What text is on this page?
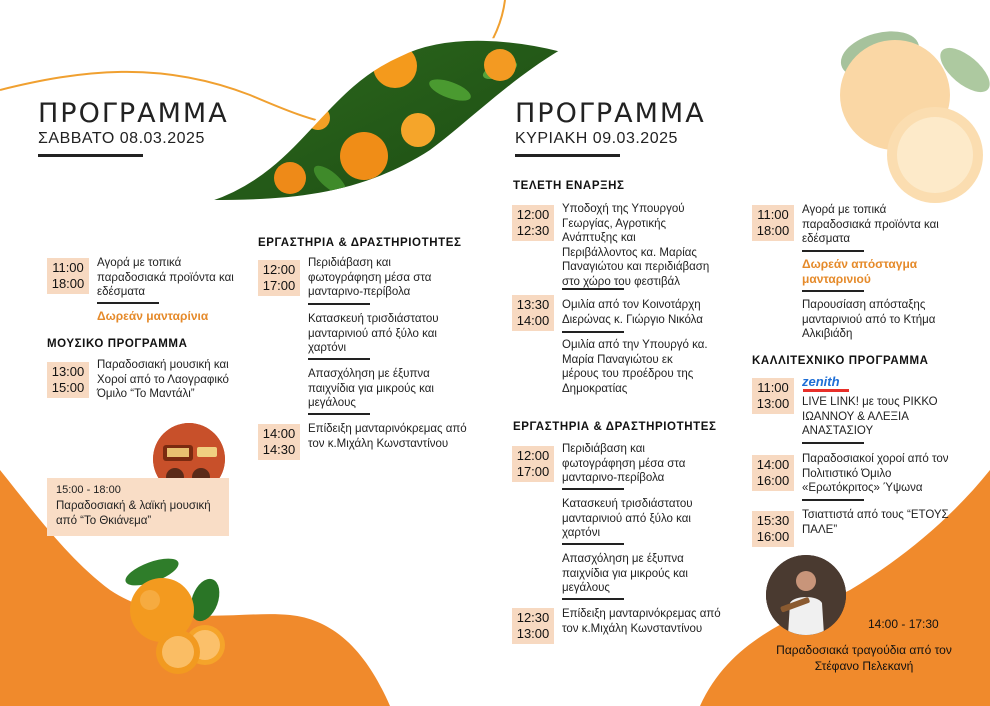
ΠΡΟΓΡΑΜΜΑ
ΣΑΒΒΑΤΟ 08.03.2025
11:00
18:00
Αγορά με τοπικά παραδοσιακά προϊόντα και εδέσματα
Δωρεάν μανταρίνια
ΜΟΥΣΙΚΟ ΠΡΟΓΡΑΜΜΑ
13:00
15:00
Παραδοσιακή μουσική και Χοροί από το Λαογραφικό Όμιλο “Το Μαντάλι”
15:00 - 18:00
Παραδοσιακή & λαϊκή μουσική από “Το Θκιάνεμα”
ΕΡΓΑΣΤΗΡΙΑ & ΔΡΑΣΤΗΡΙΟΤΗΤΕΣ
12:00
17:00
Περιδιάβαση και φωτογράφηση μέσα στα μανταρινο-περίβολα
Κατασκευή τρισδιάστατου μανταρινιού από ξύλο και χαρτόνι
Απασχόληση με έξυπνα παιχνίδια για μικρούς και μεγάλους
14:00
14:30
Επίδειξη μανταρινόκρεμας από τον κ.Μιχάλη Κωνσταντίνου
ΠΡΟΓΡΑΜΜΑ
ΚΥΡΙΑΚΗ 09.03.2025
ΤΕΛΕΤΗ ΕΝΑΡΞΗΣ
12:00
12:30
Υποδοχή της Υπουργού Γεωργίας, Αγροτικής Ανάπτυξης και Περιβάλλοντος κα. Μαρίας Παναγιώτου και περιδιάβαση στο χώρο του φεστιβάλ
13:30
14:00
Ομιλία από τον Κοινοτάρχη Διερώνας κ. Γιώργιο Νικόλα
Ομιλία από την Υπουργό κα. Μαρία Παναγιώτου εκ μέρους του προέδρου της Δημοκρατίας
ΕΡΓΑΣΤΗΡΙΑ & ΔΡΑΣΤΗΡΙΟΤΗΤΕΣ
12:00
17:00
Περιδιάβαση και φωτογράφηση μέσα στα μανταρινο-περίβολα
Κατασκευή τρισδιάστατου μανταρινιού από ξύλο και χαρτόνι
Απασχόληση με έξυπνα παιχνίδια για μικρούς και μεγάλους
12:30
13:00
Επίδειξη μανταρινόκρεμας από τον κ.Μιχάλη Κωνσταντίνου
11:00
18:00
Αγορά με τοπικά παραδοσιακά προϊόντα και εδέσματα
Δωρεάν απόσταγμα μανταρινιού
Παρουσίαση απόσταξης μανταρινιού από το Κτήμα Αλκιβιάδη
ΚΑΛΛΙΤΕΧΝΙΚΟ ΠΡΟΓΡΑΜΜΑ
zenith
11:00
13:00	LIVE LINK! με τους ΡΙΚΚΟ ΙΩΑΝΝΟΥ & ΑΛΕΞΙΑ ΑΝΑΣΤΑΣΙΟΥ
14:00
16:00
Παραδοσιακοί χοροί από τον Πολιτιστικό Όμιλο «Ερωτόκριτος» Ύψωνα
15:30
16:00
Τσιαττιστά από τους “ΕΤΟΥΣ ΠΑΛΕ”
14:00 - 17:30
Παραδοσιακά τραγούδια από τον Στέφανο Πελεκανή
